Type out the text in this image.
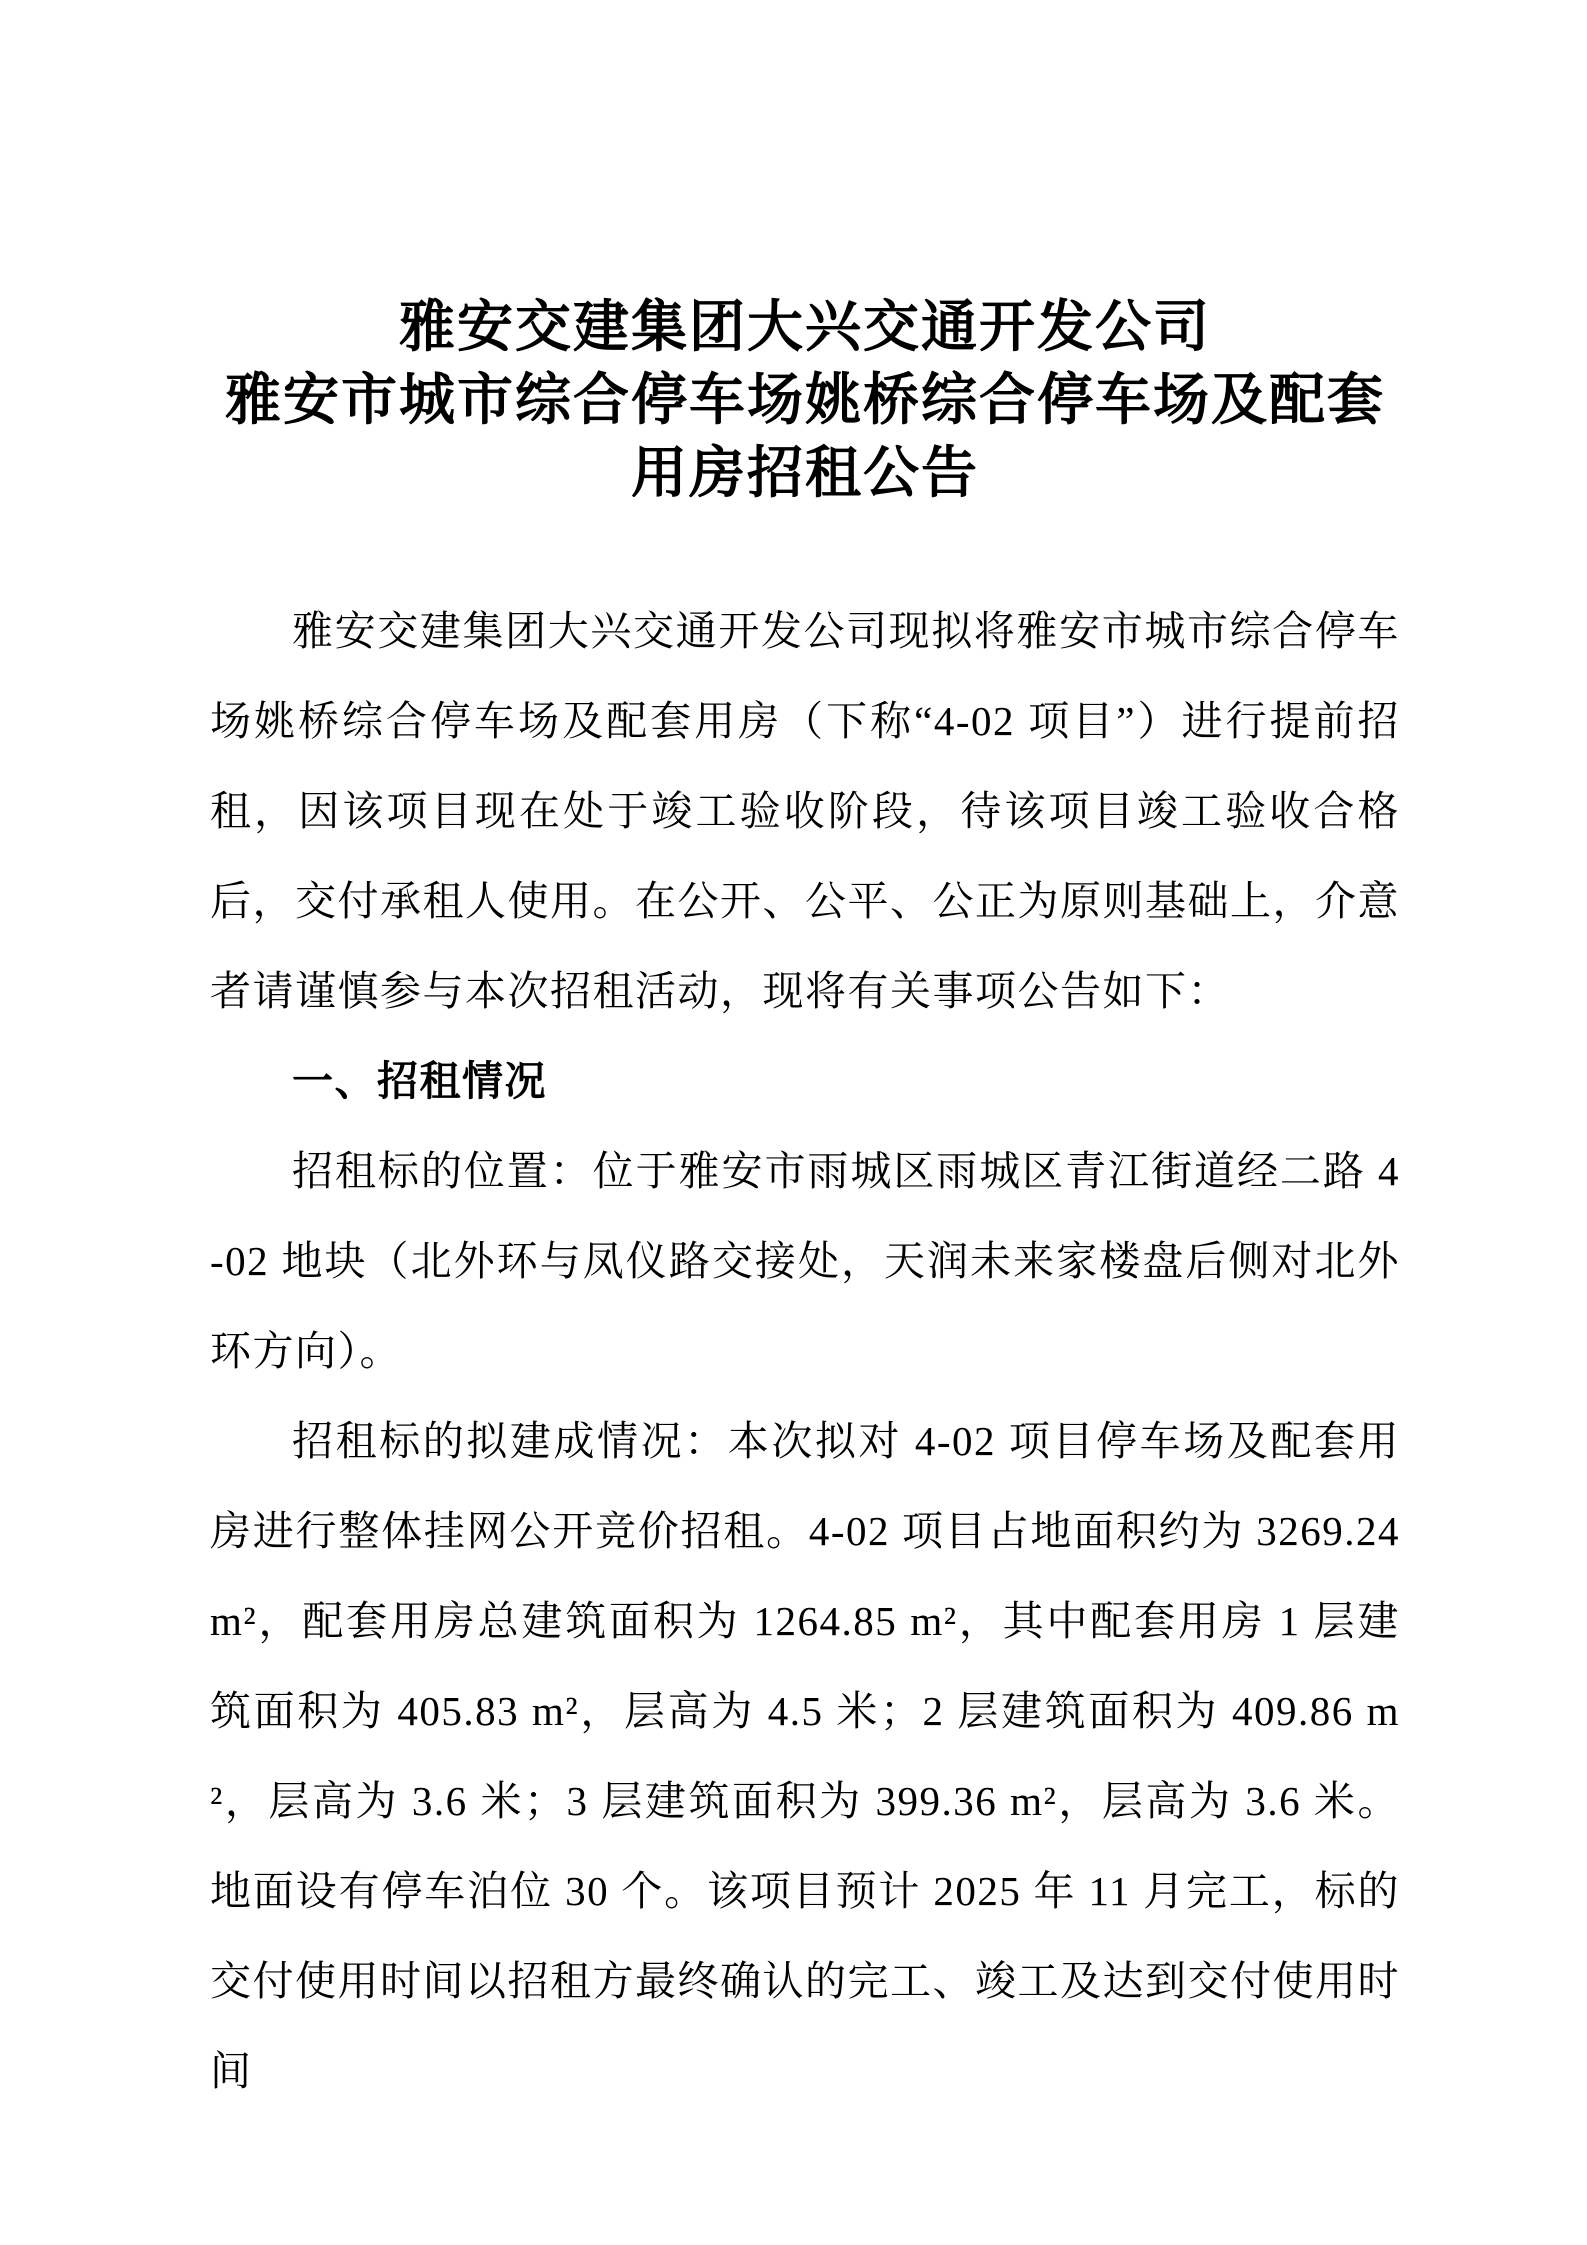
雅安交建集团大兴交通开发公司
雅安市城市综合停车场姚桥综合停车场及配套
用房招租公告

雅安交建集团大兴交通开发公司现拟将雅安市城市综合停车场姚桥综合停车场及配套用房（下称“4-02 项目”）进行提前招租，因该项目现在处于竣工验收阶段，待该项目竣工验收合格后，交付承租人使用。在公开、公平、公正为原则基础上，介意者请谨慎参与本次招租活动，现将有关事项公告如下：

一、招租情况

招租标的位置：位于雅安市雨城区雨城区青江街道经二路 4-02 地块（北外环与凤仪路交接处，天润未来家楼盘后侧对北外环方向）。

招租标的拟建成情况：本次拟对 4-02 项目停车场及配套用房进行整体挂网公开竞价招租。4-02 项目占地面积约为 3269.24 m²，配套用房总建筑面积为 1264.85 m²，其中配套用房 1 层建筑面积为 405.83 m²，层高为 4.5 米；2 层建筑面积为 409.86 m²，层高为 3.6 米；3 层建筑面积为 399.36 m²，层高为 3.6 米。地面设有停车泊位 30 个。该项目预计 2025 年 11 月完工，标的交付使用时间以招租方最终确认的完工、竣工及达到交付使用时间
